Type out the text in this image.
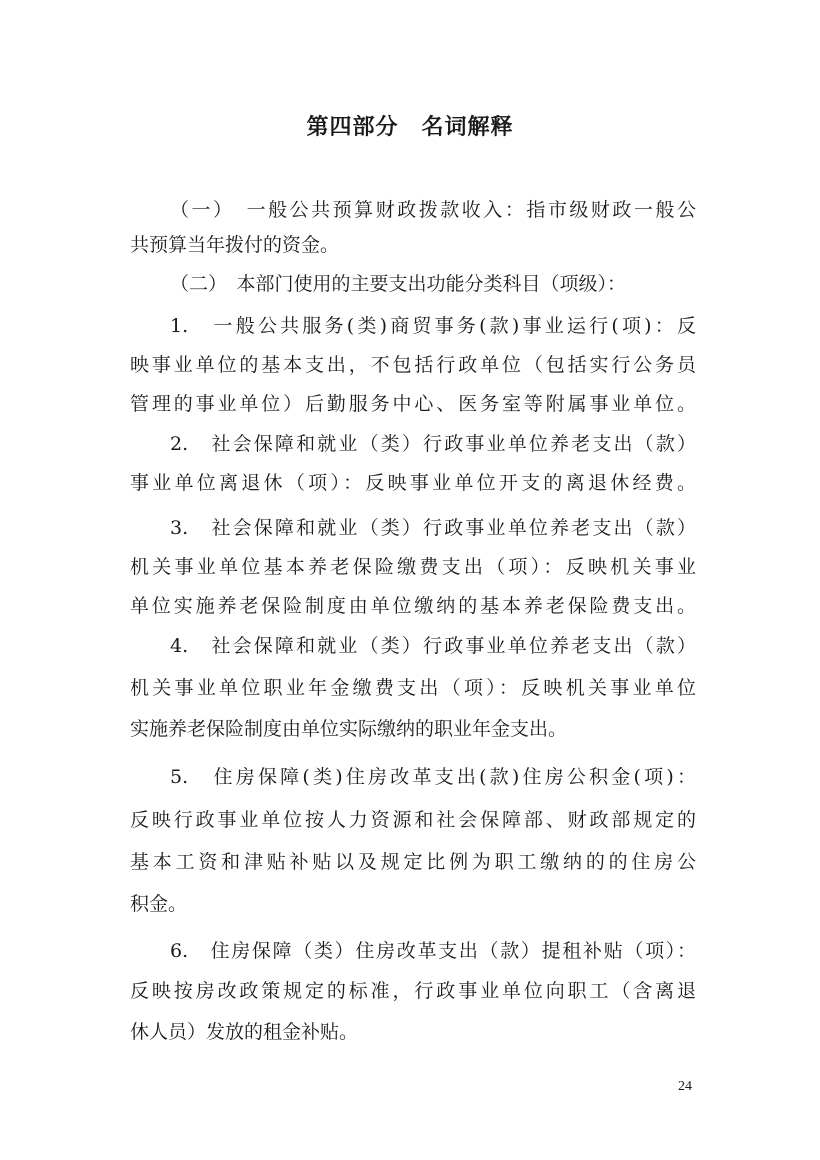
第四部分　名词解释
（一）　一般公共预算财政拨款收入：指市级财政一般公
共预算当年拨付的资金。
（二）　本部门使用的主要支出功能分类科目（项级）：
1.　一般公共服务(类)商贸事务(款)事业运行(项)：反
映事业单位的基本支出，不包括行政单位（包括实行公务员
管理的事业单位）后勤服务中心、医务室等附属事业单位。
2.　社会保障和就业（类）行政事业单位养老支出（款）
事业单位离退休（项）：反映事业单位开支的离退休经费。
3.　社会保障和就业（类）行政事业单位养老支出（款）
机关事业单位基本养老保险缴费支出（项）：反映机关事业
单位实施养老保险制度由单位缴纳的基本养老保险费支出。
4.　社会保障和就业（类）行政事业单位养老支出（款）
机关事业单位职业年金缴费支出（项）：反映机关事业单位
实施养老保险制度由单位实际缴纳的职业年金支出。
5.　住房保障(类)住房改革支出(款)住房公积金(项)：
反映行政事业单位按人力资源和社会保障部、财政部规定的
基本工资和津贴补贴以及规定比例为职工缴纳的的住房公
积金。
6.　住房保障（类）住房改革支出（款）提租补贴（项）：
反映按房改政策规定的标准，行政事业单位向职工（含离退
休人员）发放的租金补贴。
24
